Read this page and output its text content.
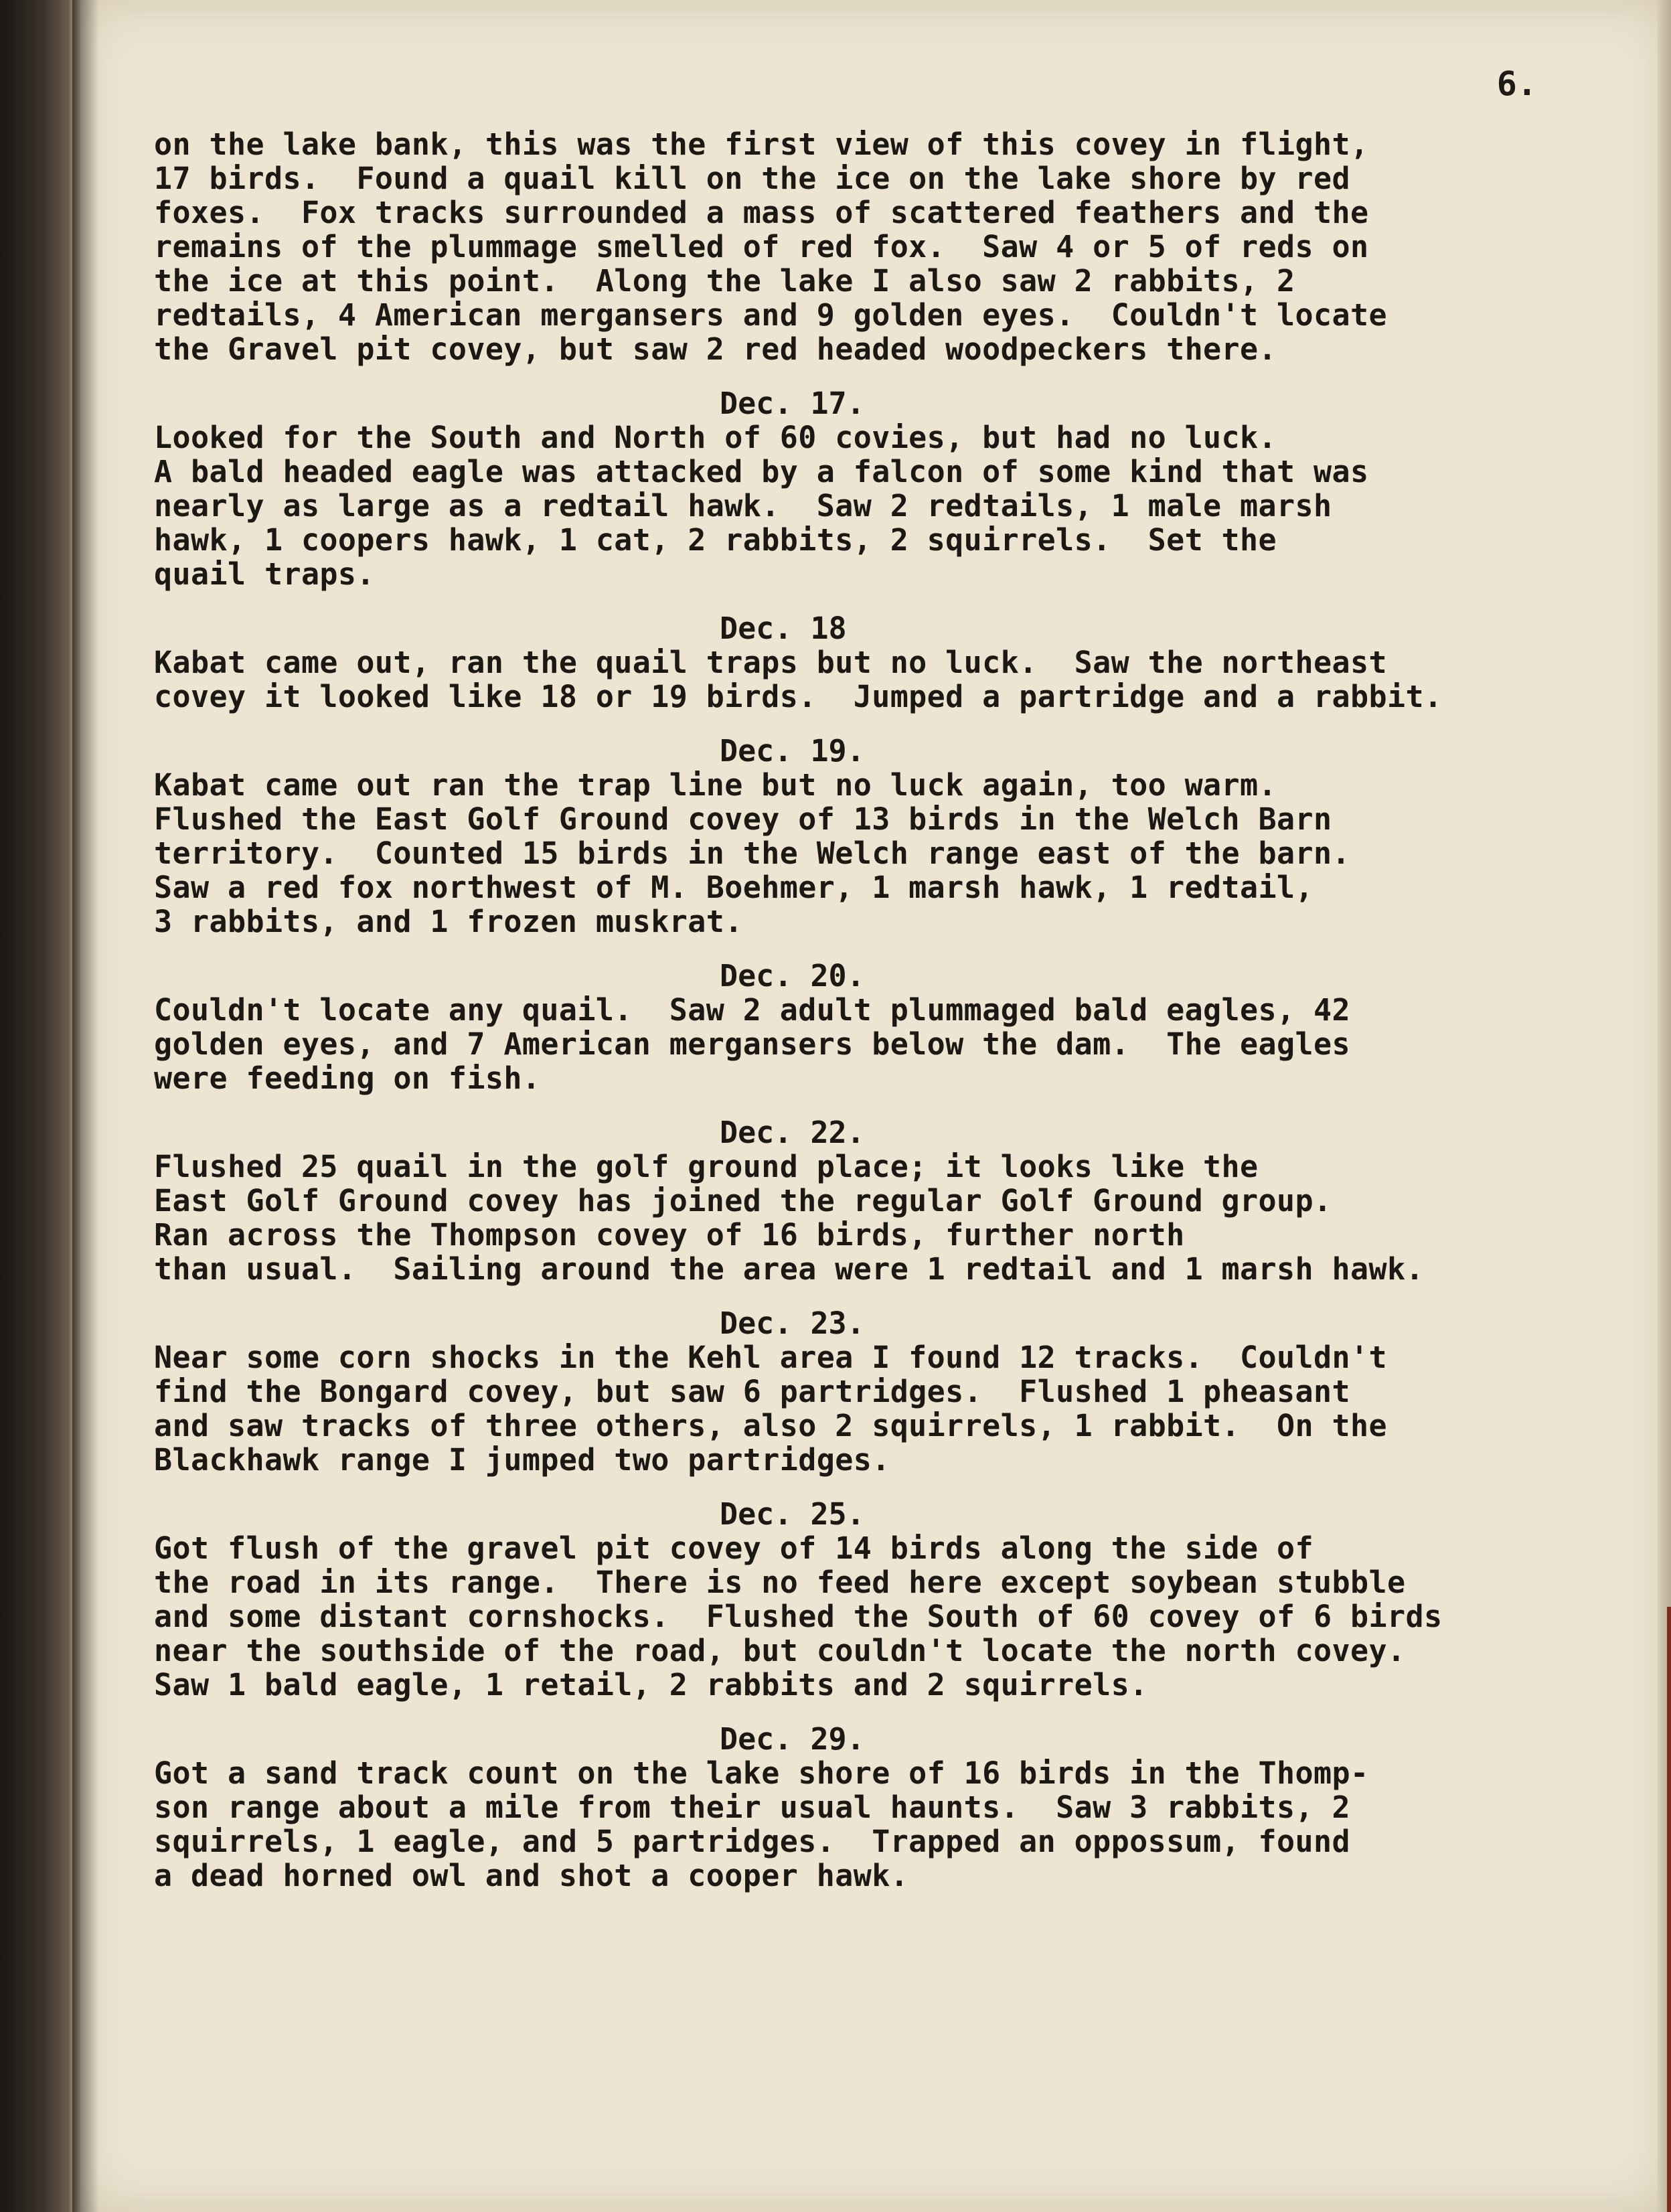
6.
on the lake bank, this was the first view of this covey in flight,
17 birds.  Found a quail kill on the ice on the lake shore by red
foxes.  Fox tracks surrounded a mass of scattered feathers and the
remains of the plummage smelled of red fox.  Saw 4 or 5 of reds on
the ice at this point.  Along the lake I also saw 2 rabbits, 2
redtails, 4 American mergansers and 9 golden eyes.  Couldn't locate
the Gravel pit covey, but saw 2 red headed woodpeckers there.
Dec. 17.
Looked for the South and North of 60 covies, but had no luck.
A bald headed eagle was attacked by a falcon of some kind that was
nearly as large as a redtail hawk.  Saw 2 redtails, 1 male marsh
hawk, 1 coopers hawk, 1 cat, 2 rabbits, 2 squirrels.  Set the
quail traps.
Dec. 18
Kabat came out, ran the quail traps but no luck.  Saw the northeast
covey it looked like 18 or 19 birds.  Jumped a partridge and a rabbit.
Dec. 19.
Kabat came out ran the trap line but no luck again, too warm.
Flushed the East Golf Ground covey of 13 birds in the Welch Barn
territory.  Counted 15 birds in the Welch range east of the barn.
Saw a red fox northwest of M. Boehmer, 1 marsh hawk, 1 redtail,
3 rabbits, and 1 frozen muskrat.
Dec. 20.
Couldn't locate any quail.  Saw 2 adult plummaged bald eagles, 42
golden eyes, and 7 American mergansers below the dam.  The eagles
were feeding on fish.
Dec. 22.
Flushed 25 quail in the golf ground place; it looks like the
East Golf Ground covey has joined the regular Golf Ground group.
Ran across the Thompson covey of 16 birds, further north
than usual.  Sailing around the area were 1 redtail and 1 marsh hawk.
Dec. 23.
Near some corn shocks in the Kehl area I found 12 tracks.  Couldn't
find the Bongard covey, but saw 6 partridges.  Flushed 1 pheasant
and saw tracks of three others, also 2 squirrels, 1 rabbit.  On the
Blackhawk range I jumped two partridges.
Dec. 25.
Got flush of the gravel pit covey of 14 birds along the side of
the road in its range.  There is no feed here except soybean stubble
and some distant cornshocks.  Flushed the South of 60 covey of 6 birds
near the southside of the road, but couldn't locate the north covey.
Saw 1 bald eagle, 1 retail, 2 rabbits and 2 squirrels.
Dec. 29.
Got a sand track count on the lake shore of 16 birds in the Thomp-
son range about a mile from their usual haunts.  Saw 3 rabbits, 2
squirrels, 1 eagle, and 5 partridges.  Trapped an oppossum, found
a dead horned owl and shot a cooper hawk.
